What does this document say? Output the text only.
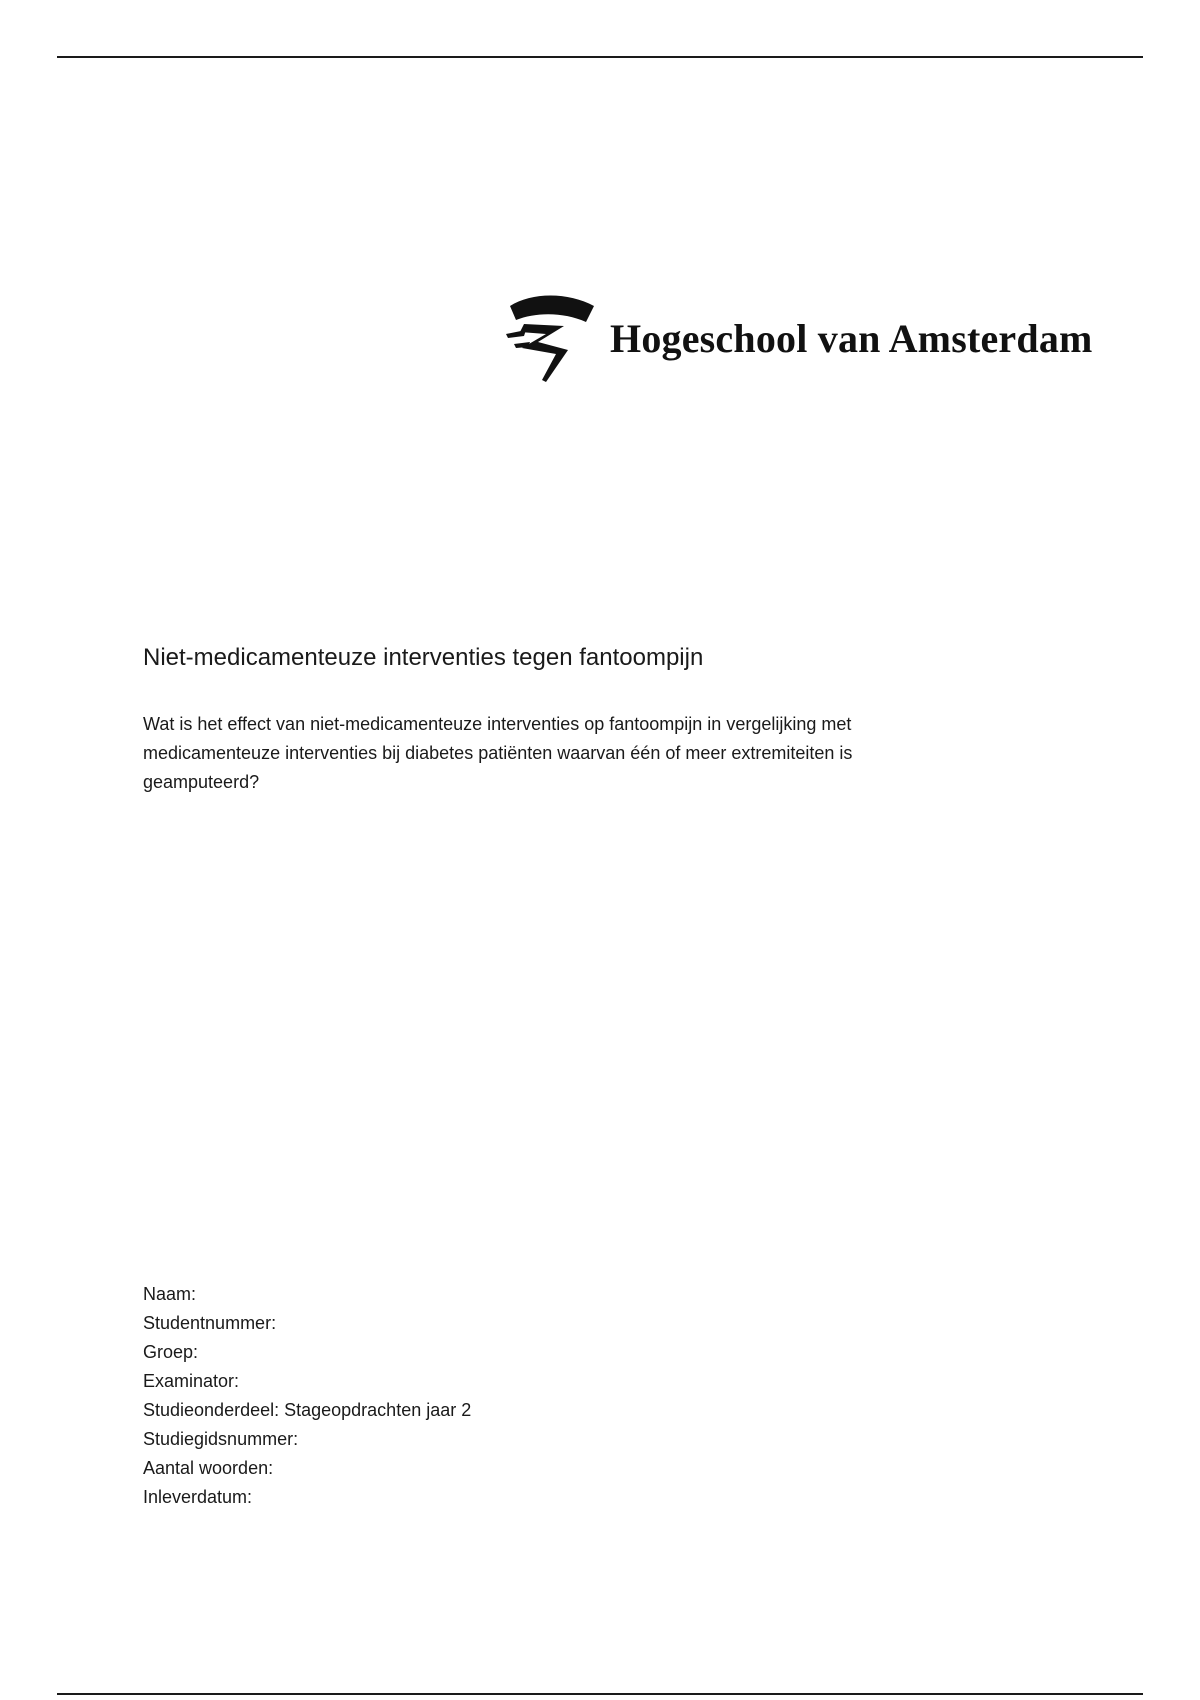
Hogeschool van Amsterdam
Niet-medicamenteuze interventies tegen fantoompijn
Wat is het effect van niet-medicamenteuze interventies op fantoompijn in vergelijking met
medicamenteuze interventies bij diabetes patiënten waarvan één of meer extremiteiten is
geamputeerd?
Naam:
Studentnummer:
Groep:
Examinator:
Studieonderdeel: Stageopdrachten jaar 2
Studiegidsnummer:
Aantal woorden:
Inleverdatum:
